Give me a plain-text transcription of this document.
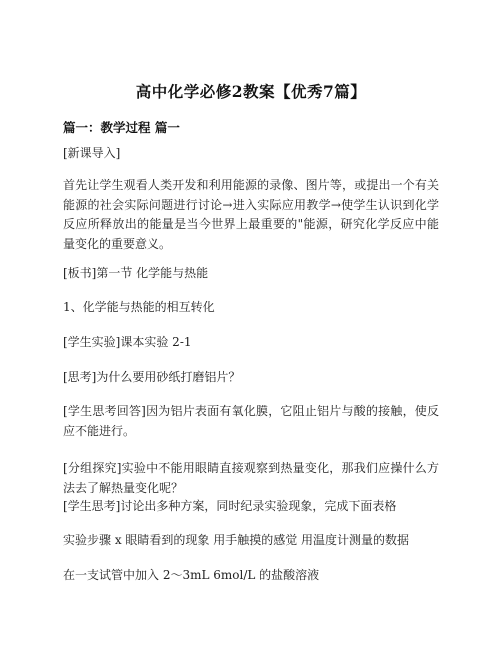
高中化学必修2教案【优秀7篇】
篇一：教学过程 篇一
[新课导入]
首先让学生观看人类开发和利用能源的录像、图片等，或提出一个有关能源的社会实际问题进行讨论→进入实际应用教学→使学生认识到化学反应所释放出的能量是当今世界上最重要的"能源，研究化学反应中能量变化的重要意义。
[板书]第一节 化学能与热能
1、化学能与热能的相互转化
[学生实验]课本实验 2-1
[思考]为什么要用砂纸打磨铝片？
[学生思考回答]因为铝片表面有氧化膜，它阻止铝片与酸的接触，使反应不能进行。
[分组探究]实验中不能用眼睛直接观察到热量变化，那我们应操什么方法去了解热量变化呢？
[学生思考]讨论出多种方案，同时纪录实验现象，完成下面表格
实验步骤 x 眼睛看到的现象 用手触摸的感觉 用温度计测量的数据
在一支试管中加入 2～3mL 6mol/L 的盐酸溶液
